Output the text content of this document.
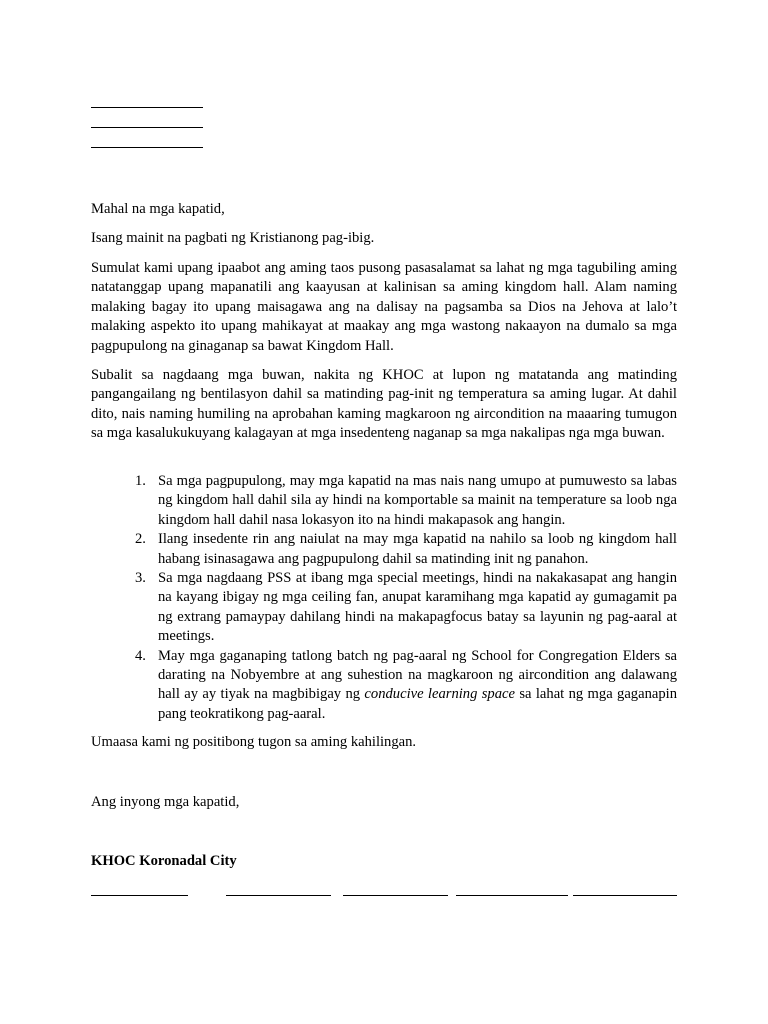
Mahal na mga kapatid,

Isang mainit na pagbati ng Kristianong pag-ibig.

Sumulat kami upang ipaabot ang aming taos pusong pasasalamat sa lahat ng mga tagubiling aming natatanggap upang mapanatili ang kaayusan at kalinisan sa aming kingdom hall. Alam naming malaking bagay ito upang maisagawa ang na dalisay na pagsamba sa Dios na Jehova at lalo’t malaking aspekto ito upang mahikayat at maakay ang mga wastong nakaayon na dumalo sa mga pagpupulong na ginaganap sa bawat Kingdom Hall.

Subalit sa nagdaang mga buwan, nakita ng KHOC at lupon ng matatanda ang matinding pangangailang ng bentilasyon dahil sa matinding pag-init ng temperatura sa aming lugar. At dahil dito, nais naming humiling na aprobahan kaming magkaroon ng aircondition na maaaring tumugon sa mga kasalukukuyang kalagayan at mga insedenteng naganap sa mga nakalipas nga mga buwan.

1. Sa mga pagpupulong, may mga kapatid na mas nais nang umupo at pumuwesto sa labas ng kingdom hall dahil sila ay hindi na komportable sa mainit na temperature sa loob nga kingdom hall dahil nasa lokasyon ito na hindi makapasok ang hangin.
2. Ilang insedente rin ang naiulat na may mga kapatid na nahilo sa loob ng kingdom hall habang isinasagawa ang pagpupulong dahil sa matinding init ng panahon.
3. Sa mga nagdaang PSS at ibang mga special meetings, hindi na nakakasapat ang hangin na kayang ibigay ng mga ceiling fan, anupat karamihang mga kapatid ay gumagamit pa ng extrang pamaypay dahilang hindi na makapagfocus batay sa layunin ng pag-aaral at meetings.
4. May mga gaganaping tatlong batch ng pag-aaral ng School for Congregation Elders sa darating na Nobyembre at ang suhestion na magkaroon ng aircondition ang dalawang hall ay ay tiyak na magbibigay ng conducive learning space sa lahat ng mga gaganapin pang teokratikong pag-aaral.

Umaasa kami ng positibong tugon sa aming kahilingan.

Ang inyong mga kapatid,

KHOC Koronadal City
